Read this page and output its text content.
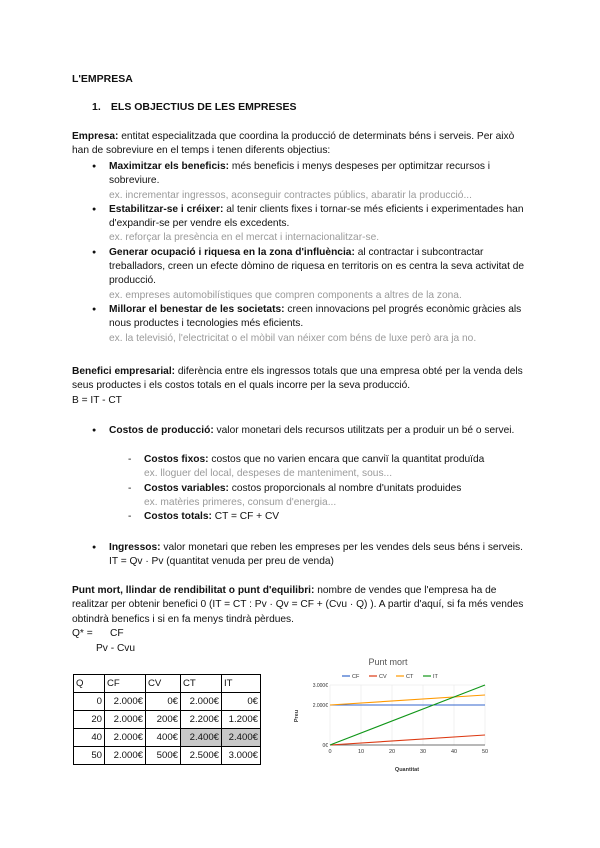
L'EMPRESA
1. ELS OBJECTIUS DE LES EMPRESES
Empresa: entitat especialitzada que coordina la producció de determinats béns i serveis. Per això han de sobreviure en el temps i tenen diferents objectius:
● Maximitzar els beneficis: més beneficis i menys despeses per optimitzar recursos i sobreviure.
ex. incrementar ingressos, aconseguir contractes públics, abaratir la producció...
● Estabilitzar-se i créixer: al tenir clients fixes i tornar-se més eficients i experimentades han d'expandir-se per vendre els excedents.
ex. reforçar la presència en el mercat i internacionalitzar-se.
● Generar ocupació i riquesa en la zona d'influència: al contractar i subcontractar treballadors, creen un efecte dòmino de riquesa en territoris on es centra la seva activitat de producció.
ex. empreses automobilístiques que compren components a altres de la zona.
● Millorar el benestar de les societats: creen innovacions pel progrés econòmic gràcies als nous productes i tecnologies més eficients.
ex. la televisió, l'electricitat o el mòbil van néixer com béns de luxe però ara ja no.
Benefici empresarial: diferència entre els ingressos totals que una empresa obté per la venda dels seus productes i els costos totals en el quals incorre per la seva producció.
B = IT - CT
● Costos de producció: valor monetari dels recursos utilitzats per a produir un bé o servei.
- Costos fixos: costos que no varien encara que canviï la quantitat produïda
ex. lloguer del local, despeses de manteniment, sous...
- Costos variables: costos proporcionals al nombre d'unitats produides
ex. matèries primeres, consum d'energia...
- Costos totals: CT = CF + CV
● Ingressos: valor monetari que reben les empreses per les vendes dels seus béns i serveis. IT = Qv · Pv (quantitat venuda per preu de venda)
Punt mort, llindar de rendibilitat o punt d'equilibri: nombre de vendes que l'empresa ha de realitzar per obtenir benefici 0 (IT = CT : Pv · Qv = CF + (Cvu · Q) ). A partir d'aquí, si fa més vendes obtindrà benefics i si en fa menys tindrà pèrdues.
Q* = CF
Pv - Cvu
Q	CF	CV	CT	IT
0	2.000€	0€	2.000€	0€
20	2.000€	200€	2.200€	1.200€
40	2.000€	400€	2.400€	2.400€
50	2.000€	500€	2.500€	3.000€
Punt mort
CF	CV	CT	IT
0€
2.000€
3.000€
0	10	20	30	40	50
Preu
Quantitat
